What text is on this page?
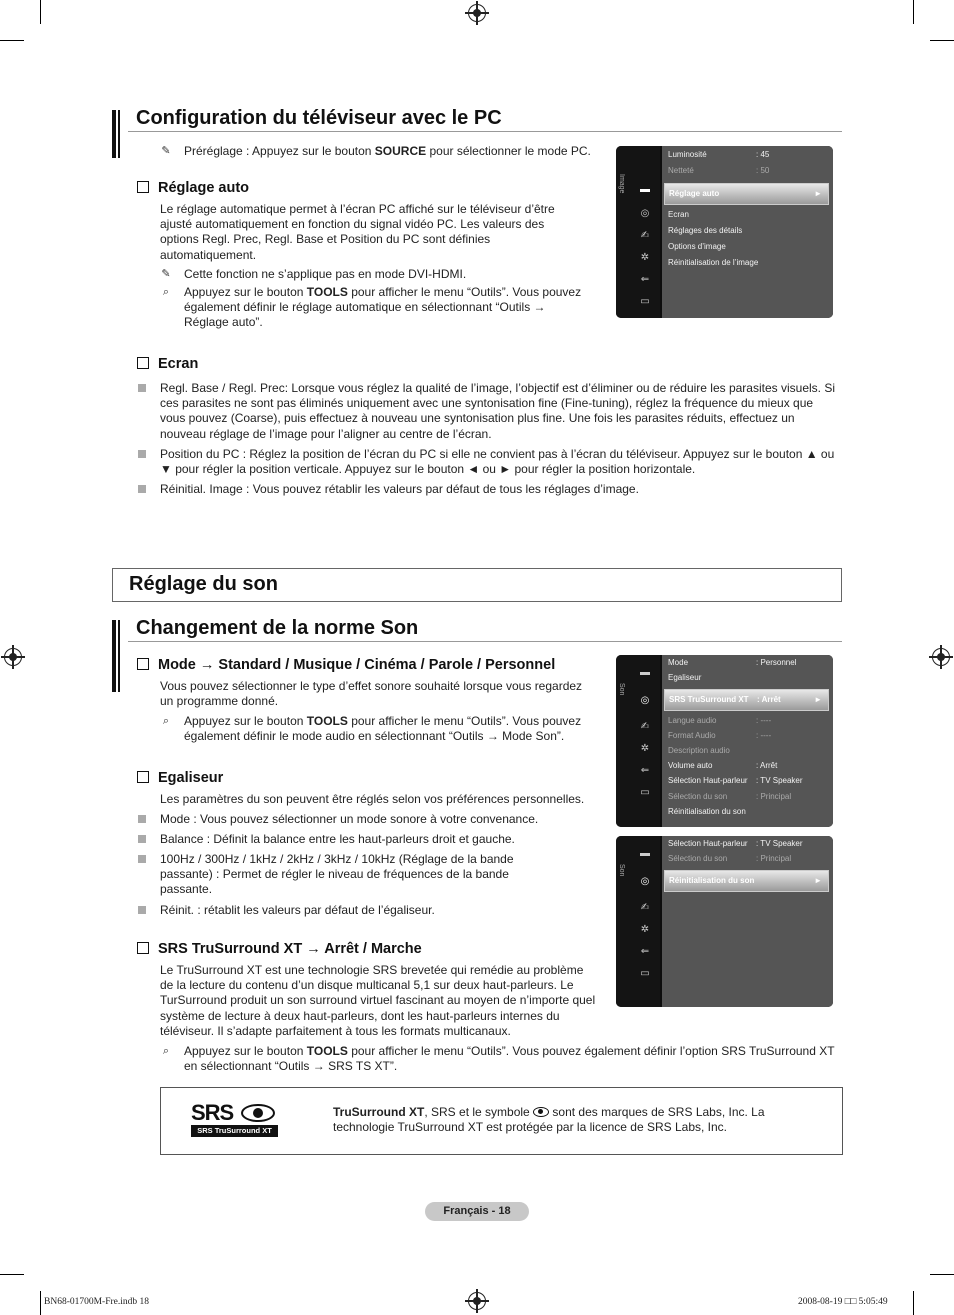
Configuration du téléviseur avec le PC
✎ Préréglage : Appuyez sur le bouton SOURCE pour sélectionner le mode PC.
Réglage auto
Le réglage automatique permet à l’écran PC affiché sur le téléviseur d’être ajusté automatiquement en fonction du signal vidéo PC. Les valeurs des options Regl. Prec, Regl. Base et Position du PC sont définies automatiquement.
✎ Cette fonction ne s’applique pas en mode DVI-HDMI.
⌕ Appuyez sur le bouton TOOLS pour afficher le menu “Outils”. Vous pouvez également définir le réglage automatique en sélectionnant “Outils → Réglage auto”.
Image ▬
◎
✍
✲
⇐
▭
Luminosité	: 45
Netteté	: 50
Réglage auto	►
Ecran
Réglages des détails
Options d’image
Réinitialisation de l’image
Ecran
Regl. Base / Regl. Prec: Lorsque vous réglez la qualité de l’image, l’objectif est d’éliminer ou de réduire les parasites visuels. Si ces parasites ne sont pas éliminés uniquement avec une syntonisation fine (Fine-tuning), réglez la fréquence du mieux que vous pouvez (Coarse), puis effectuez à nouveau une syntonisation plus fine. Une fois les parasites réduits, effectuez un nouveau réglage de l’image pour l’aligner au centre de l’écran.
Position du PC : Réglez la position de l’écran du PC si elle ne convient pas à l’écran du téléviseur. Appuyez sur le bouton ▲ ou ▼ pour régler la position verticale. Appuyez sur le bouton ◄ ou ► pour régler la position horizontale.
Réinitial. Image : Vous pouvez rétablir les valeurs par défaut de tous les réglages d’image.
Réglage du son
Changement de la norme Son
Mode → Standard / Musique / Cinéma / Parole / Personnel
Vous pouvez sélectionner le type d’effet sonore souhaité lorsque vous regardez un programme donné.
⌕ Appuyez sur le bouton TOOLS pour afficher le menu “Outils”. Vous pouvez également définir le mode audio en sélectionnant “Outils → Mode Son”.
Egaliseur
Les paramètres du son peuvent être réglés selon vos préférences personnelles.
Mode : Vous pouvez sélectionner un mode sonore à votre convenance.
Balance : Définit la balance entre les haut-parleurs droit et gauche.
100Hz / 300Hz / 1kHz / 2kHz / 3kHz / 10kHz (Réglage de la bande passante) : Permet de régler le niveau de fréquences de la bande passante.
Réinit. : rétablit les valeurs par défaut de l’égaliseur.
SRS TruSurround XT → Arrêt / Marche
Le TruSurround XT est une technologie SRS brevetée qui remédie au problème de la lecture du contenu d’un disque multicanal 5,1 sur deux haut-parleurs. Le TurSurround produit un son surround virtuel fascinant au moyen de n’importe quel système de lecture à deux haut-parleurs, dont les haut-parleurs internes du téléviseur. Il s’adapte parfaitement à tous les formats multicanaux.
⌕ Appuyez sur le bouton TOOLS pour afficher le menu “Outils”. Vous pouvez également définir l’option SRS TruSurround XT en sélectionnant “Outils → SRS TS XT”.
Son
▬
◎
✍
✲
⇐
▭
Mode	: Personnel
Egaliseur
SRS TruSurround XT : Arrêt	►
Langue audio	: ----
Format Audio	: ----
Description audio
Volume auto	: Arrêt
Sélection Haut-parleur : TV Speaker
Sélection du son	: Principal
Réinitialisation du son
Son
▬
◎
✍
✲
⇐
▭
Sélection Haut-parleur : TV Speaker
Sélection du son	: Principal
Réinitialisation du son	►
SRS
SRS TruSurround XT
TruSurround XT, SRS et le symbole sont des marques de SRS Labs, Inc. La
technologie TruSurround XT est protégée par la licence de SRS Labs, Inc.
Français - 18
BN68-01700M-Fre.indb 18	2008-08-19 □□ 5:05:49
